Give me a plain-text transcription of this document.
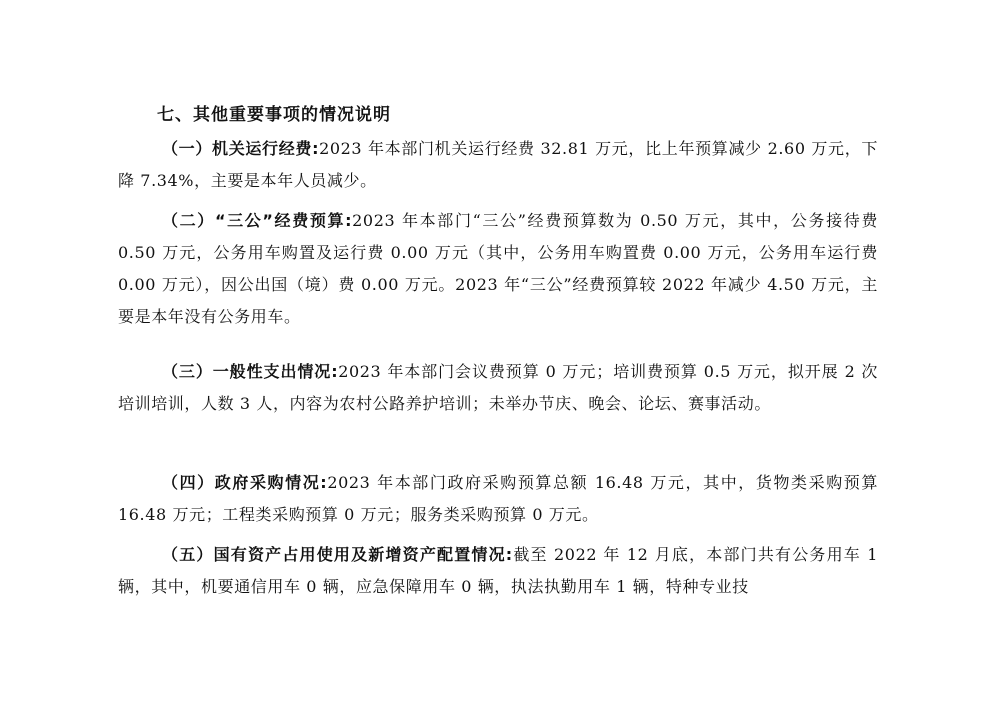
七、其他重要事项的情况说明

（一）机关运行经费:2023 年本部门机关运行经费 32.81 万元，比上年预算减少 2.60 万元，下降 7.34%，主要是本年人员减少。

（二）“三公”经费预算:2023 年本部门“三公”经费预算数为 0.50 万元，其中，公务接待费 0.50 万元，公务用车购置及运行费 0.00 万元（其中，公务用车购置费 0.00 万元，公务用车运行费 0.00 万元），因公出国（境）费 0.00 万元。2023 年“三公”经费预算较 2022 年减少 4.50 万元，主要是本年没有公务用车。

（三）一般性支出情况:2023 年本部门会议费预算 0 万元；培训费预算 0.5 万元，拟开展 2 次培训培训，人数 3 人，内容为农村公路养护培训；未举办节庆、晚会、论坛、赛事活动。

（四）政府采购情况:2023 年本部门政府采购预算总额 16.48 万元，其中，货物类采购预算 16.48 万元；工程类采购预算 0 万元；服务类采购预算 0 万元。

（五）国有资产占用使用及新增资产配置情况:截至 2022 年 12 月底，本部门共有公务用车 1 辆，其中，机要通信用车 0 辆，应急保障用车 0 辆，执法执勤用车 1 辆，特种专业技
